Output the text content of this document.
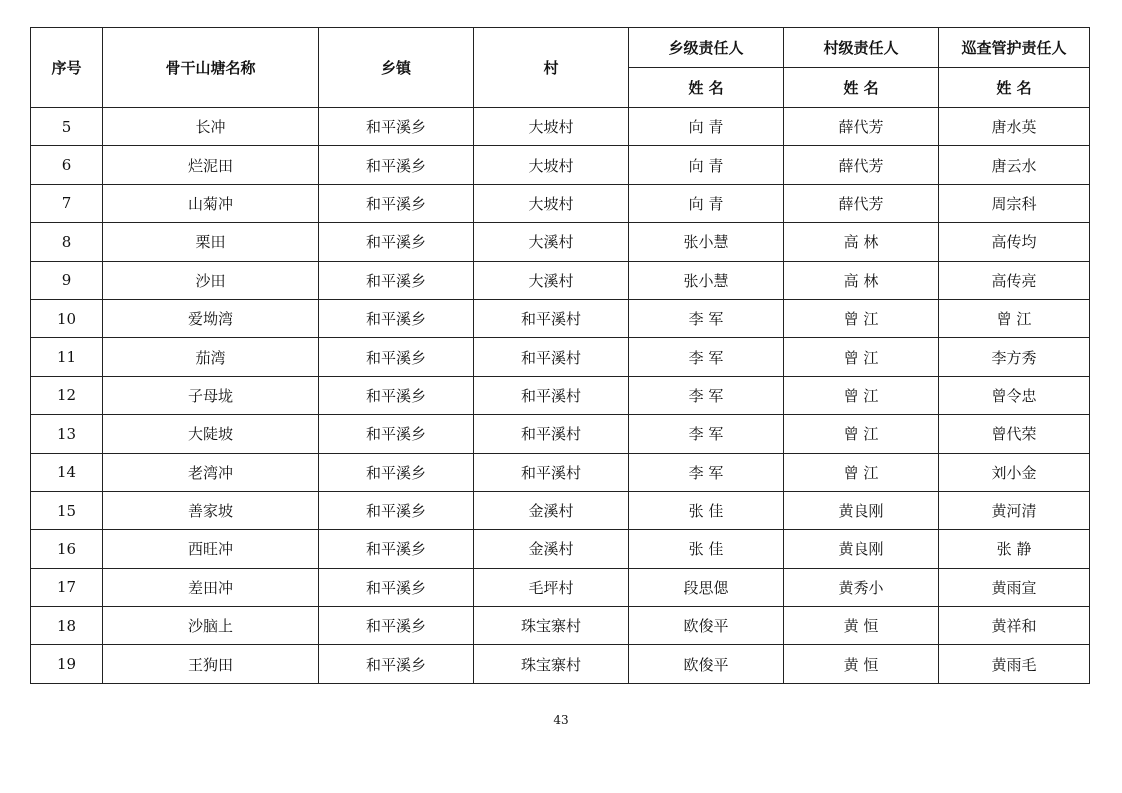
序号	骨干山塘名称	乡镇	村	乡级责任人	村级责任人	巡查管护责任人
				姓 名	姓 名	姓 名
5	长冲	和平溪乡	大坡村	向 青	薛代芳	唐水英
6	烂泥田	和平溪乡	大坡村	向 青	薛代芳	唐云水
7	山菊冲	和平溪乡	大坡村	向 青	薛代芳	周宗科
8	栗田	和平溪乡	大溪村	张小慧	高 林	高传均
9	沙田	和平溪乡	大溪村	张小慧	高 林	高传亮
10	爱坳湾	和平溪乡	和平溪村	李 军	曾 江	曾 江
11	茄湾	和平溪乡	和平溪村	李 军	曾 江	李方秀
12	子母垅	和平溪乡	和平溪村	李 军	曾 江	曾令忠
13	大陡坡	和平溪乡	和平溪村	李 军	曾 江	曾代荣
14	老湾冲	和平溪乡	和平溪村	李 军	曾 江	刘小金
15	善家坡	和平溪乡	金溪村	张 佳	黄良刚	黄河清
16	西旺冲	和平溪乡	金溪村	张 佳	黄良刚	张 静
17	差田冲	和平溪乡	毛坪村	段思偲	黄秀小	黄雨宣
18	沙脑上	和平溪乡	珠宝寨村	欧俊平	黄 恒	黄祥和
19	王狗田	和平溪乡	珠宝寨村	欧俊平	黄 恒	黄雨毛
43
